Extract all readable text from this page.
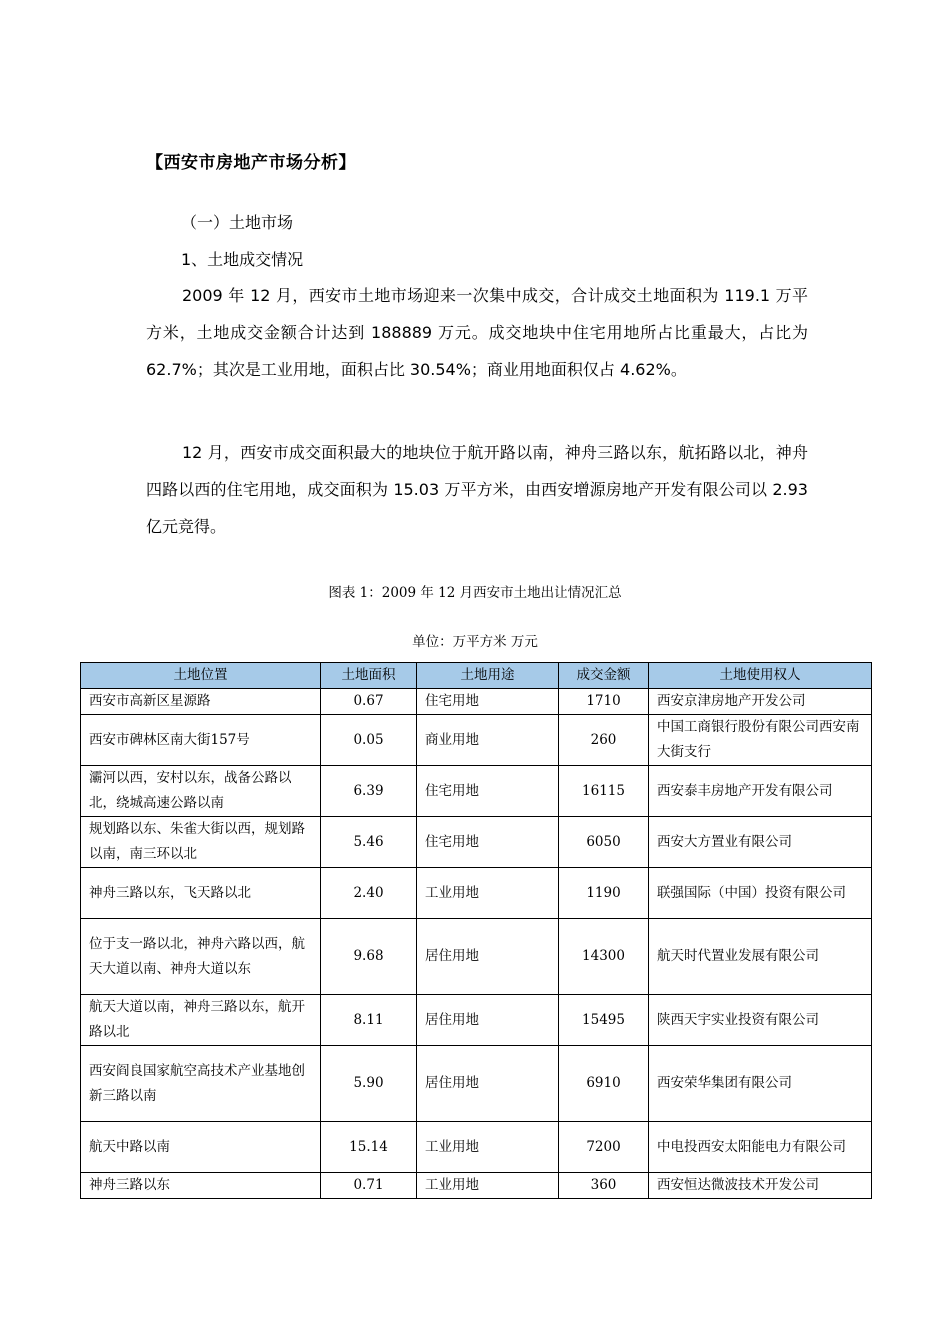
【西安市房地产市场分析】
（一）土地市场
1、土地成交情况
2009 年 12 月，西安市土地市场迎来一次集中成交，合计成交土地面积为 119.1 万平方米，土地成交金额合计达到 188889 万元。成交地块中住宅用地所占比重最大，占比为 62.7%；其次是工业用地，面积占比 30.54%；商业用地面积仅占 4.62%。
12 月，西安市成交面积最大的地块位于航开路以南，神舟三路以东，航拓路以北，神舟四路以西的住宅用地，成交面积为 15.03 万平方米，由西安增源房地产开发有限公司以 2.93 亿元竞得。
图表 1：2009 年 12 月西安市土地出让情况汇总
单位：万平方米 万元
土地位置	土地面积	土地用途	成交金额	土地使用权人
西安市高新区星源路	0.67	住宅用地	1710	西安京津房地产开发公司
西安市碑林区南大街157号	0.05	商业用地	260	中国工商银行股份有限公司西安南大街支行
灞河以西，安村以东，战备公路以北，绕城高速公路以南	6.39	住宅用地	16115	西安泰丰房地产开发有限公司
规划路以东、朱雀大街以西，规划路以南，南三环以北	5.46	住宅用地	6050	西安大方置业有限公司
神舟三路以东，飞天路以北	2.40	工业用地	1190	联强国际（中国）投资有限公司
位于支一路以北，神舟六路以西，航天大道以南、神舟大道以东	9.68	居住用地	14300	航天时代置业发展有限公司
航天大道以南，神舟三路以东，航开路以北	8.11	居住用地	15495	陕西天宇实业投资有限公司
西安阎良国家航空高技术产业基地创新三路以南	5.90	居住用地	6910	西安荣华集团有限公司
航天中路以南	15.14	工业用地	7200	中电投西安太阳能电力有限公司
神舟三路以东	0.71	工业用地	360	西安恒达微波技术开发公司
